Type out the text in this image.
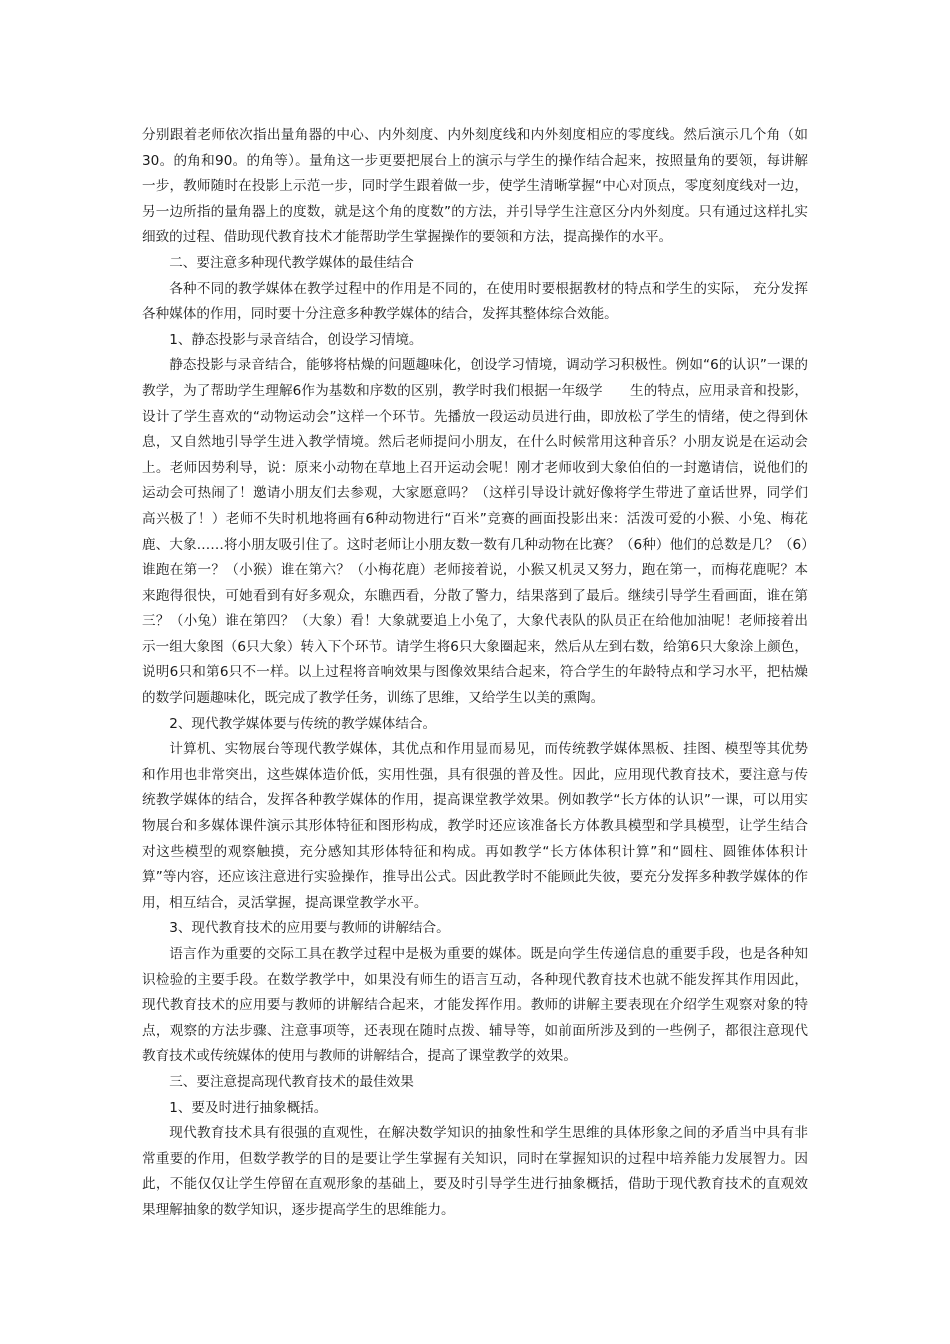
分别跟着老师依次指出量角器的中心、内外刻度、内外刻度线和内外刻度相应的零度线。然后演示几个角（如30。的角和90。的角等）。量角这一步更要把展台上的演示与学生的操作结合起来，按照量角的要领，每讲解一步，教师随时在投影上示范一步，同时学生跟着做一步，使学生清晰掌握“中心对顶点，零度刻度线对一边，另一边所指的量角器上的度数，就是这个角的度数”的方法，并引导学生注意区分内外刻度。只有通过这样扎实细致的过程、借助现代教育技术才能帮助学生掌握操作的要领和方法，提高操作的水平。

二、要注意多种现代教学媒体的最佳结合

各种不同的教学媒体在教学过程中的作用是不同的，在使用时要根据教材的特点和学生的实际， 充分发挥各种媒体的作用，同时要十分注意多种教学媒体的结合，发挥其整体综合效能。

1、静态投影与录音结合，创设学习情境。

静态投影与录音结合，能够将枯燥的问题趣味化，创设学习情境，调动学习积极性。例如“6的认识”一课的教学，为了帮助学生理解6作为基数和序数的区别，教学时我们根据一年级学　　生的特点，应用录音和投影，设计了学生喜欢的“动物运动会”这样一个环节。先播放一段运动员进行曲，即放松了学生的情绪，使之得到休息，又自然地引导学生进入教学情境。然后老师提问小朋友，在什么时候常用这种音乐？小朋友说是在运动会上。老师因势利导，说：原来小动物在草地上召开运动会呢！刚才老师收到大象伯伯的一封邀请信，说他们的运动会可热闹了！邀请小朋友们去参观，大家愿意吗？（这样引导设计就好像将学生带进了童话世界，同学们高兴极了！）老师不失时机地将画有6种动物进行“百米”竞赛的画面投影出来：活泼可爱的小猴、小兔、梅花鹿、大象……将小朋友吸引住了。这时老师让小朋友数一数有几种动物在比赛？（6种）他们的总数是几？（6）谁跑在第一？（小猴）谁在第六？（小梅花鹿）老师接着说，小猴又机灵又努力，跑在第一，而梅花鹿呢？本来跑得很快，可她看到有好多观众，东瞧西看，分散了警力，结果落到了最后。继续引导学生看画面，谁在第三？（小兔）谁在第四？（大象）看！大象就要追上小兔了，大象代表队的队员正在给他加油呢！老师接着出示一组大象图（6只大象）转入下个环节。请学生将6只大象圈起来，然后从左到右数，给第6只大象涂上颜色，说明6只和第6只不一样。以上过程将音响效果与图像效果结合起来，符合学生的年龄特点和学习水平，把枯燥的数学问题趣味化，既完成了教学任务，训练了思维，又给学生以美的熏陶。

2、现代教学媒体要与传统的教学媒体结合。

计算机、实物展台等现代教学媒体，其优点和作用显而易见，而传统教学媒体黑板、挂图、模型等其优势和作用也非常突出，这些媒体造价低，实用性强，具有很强的普及性。因此，应用现代教育技术，要注意与传统教学媒体的结合，发挥各种教学媒体的作用，提高课堂教学效果。例如教学“长方体的认识”一课，可以用实物展台和多媒体课件演示其形体特征和图形构成，教学时还应该准备长方体教具模型和学具模型，让学生结合对这些模型的观察触摸，充分感知其形体特征和构成。再如教学“长方体体积计算”和“圆柱、圆锥体体积计算”等内容，还应该注意进行实验操作，推导出公式。因此教学时不能顾此失彼，要充分发挥多种教学媒体的作用，相互结合，灵活掌握，提高课堂教学水平。

3、现代教育技术的应用要与教师的讲解结合。

语言作为重要的交际工具在教学过程中是极为重要的媒体。既是向学生传递信息的重要手段，也是各种知识检验的主要手段。在数学教学中，如果没有师生的语言互动，各种现代教育技术也就不能发挥其作用因此，现代教育技术的应用要与教师的讲解结合起来，才能发挥作用。教师的讲解主要表现在介绍学生观察对象的特点，观察的方法步骤、注意事项等，还表现在随时点拨、辅导等，如前面所涉及到的一些例子，都很注意现代教育技术或传统媒体的使用与教师的讲解结合，提高了课堂教学的效果。

三、要注意提高现代教育技术的最佳效果

1、要及时进行抽象概括。

现代教育技术具有很强的直观性，在解决数学知识的抽象性和学生思维的具体形象之间的矛盾当中具有非常重要的作用，但数学教学的目的是要让学生掌握有关知识，同时在掌握知识的过程中培养能力发展智力。因此，不能仅仅让学生停留在直观形象的基础上，要及时引导学生进行抽象概括，借助于现代教育技术的直观效果理解抽象的数学知识，逐步提高学生的思维能力。
